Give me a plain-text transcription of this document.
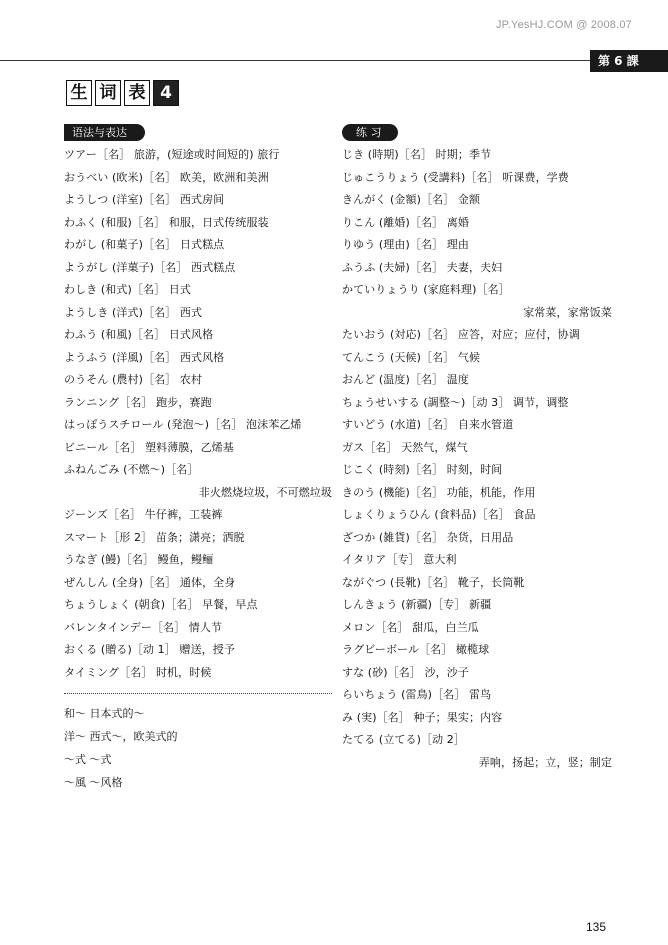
JP.YesHJ.COM @ 2008.07
第 6 課
生 词 表 4
语法与表达
ツアー［名］ 旅游，(短途或时间短的) 旅行
おうべい (欧米)［名］ 欧美，欧洲和美洲
ようしつ (洋室)［名］ 西式房间
わふく (和服)［名］ 和服，日式传统服装
わがし (和菓子)［名］ 日式糕点
ようがし (洋菓子)［名］ 西式糕点
わしき (和式)［名］ 日式
ようしき (洋式)［名］ 西式
わふう (和風)［名］ 日式风格
ようふう (洋風)［名］ 西式风格
のうそん (農村)［名］ 农村
ランニング［名］ 跑步，赛跑
はっぽうスチロール (発泡～)［名］ 泡沫苯乙烯
ビニール［名］ 塑料薄膜，乙烯基
ふねんごみ (不燃～)［名］
非火燃烧垃圾，不可燃垃圾
ジーンズ［名］ 牛仔裤，工装裤
スマート［形 2］ 苗条；潇亮；洒脱
うなぎ (鰻)［名］ 鳗鱼，鳗鲡
ぜんしん (全身)［名］ 通体，全身
ちょうしょく (朝食)［名］ 早餐，早点
バレンタインデー［名］ 情人节
おくる (贈る)［动 1］ 赠送，授予
タイミング［名］ 时机，时候
和～ 日本式的～
洋～ 西式～，欧美式的
～式 ～式
～風 ～风格
练 习
じき (時期)［名］ 时期；季节
じゅこうりょう (受講料)［名］ 听课费，学费
きんがく (金額)［名］ 金额
りこん (離婚)［名］ 离婚
りゆう (理由)［名］ 理由
ふうふ (夫婦)［名］ 夫妻，夫妇
かていりょうり (家庭料理)［名］
家常菜，家常饭菜
たいおう (対応)［名］ 应答，对应；应付，协调
てんこう (天候)［名］ 气候
おんど (温度)［名］ 温度
ちょうせいする (調整～)［动 3］ 调节，调整
すいどう (水道)［名］ 自来水管道
ガス［名］ 天然气，煤气
じこく (時刻)［名］ 时刻，时间
きのう (機能)［名］ 功能，机能，作用
しょくりょうひん (食料品)［名］ 食品
ざつか (雑貨)［名］ 杂货，日用品
イタリア［专］ 意大利
ながぐつ (長靴)［名］ 靴子，长筒靴
しんきょう (新疆)［专］ 新疆
メロン［名］ 甜瓜，白兰瓜
ラグビーボール［名］ 橄榄球
すな (砂)［名］ 沙，沙子
らいちょう (雷鳥)［名］ 雷鸟
み (実)［名］ 种子；果实；内容
たてる (立てる)［动 2］
弄响，扬起；立，竖；制定
135
